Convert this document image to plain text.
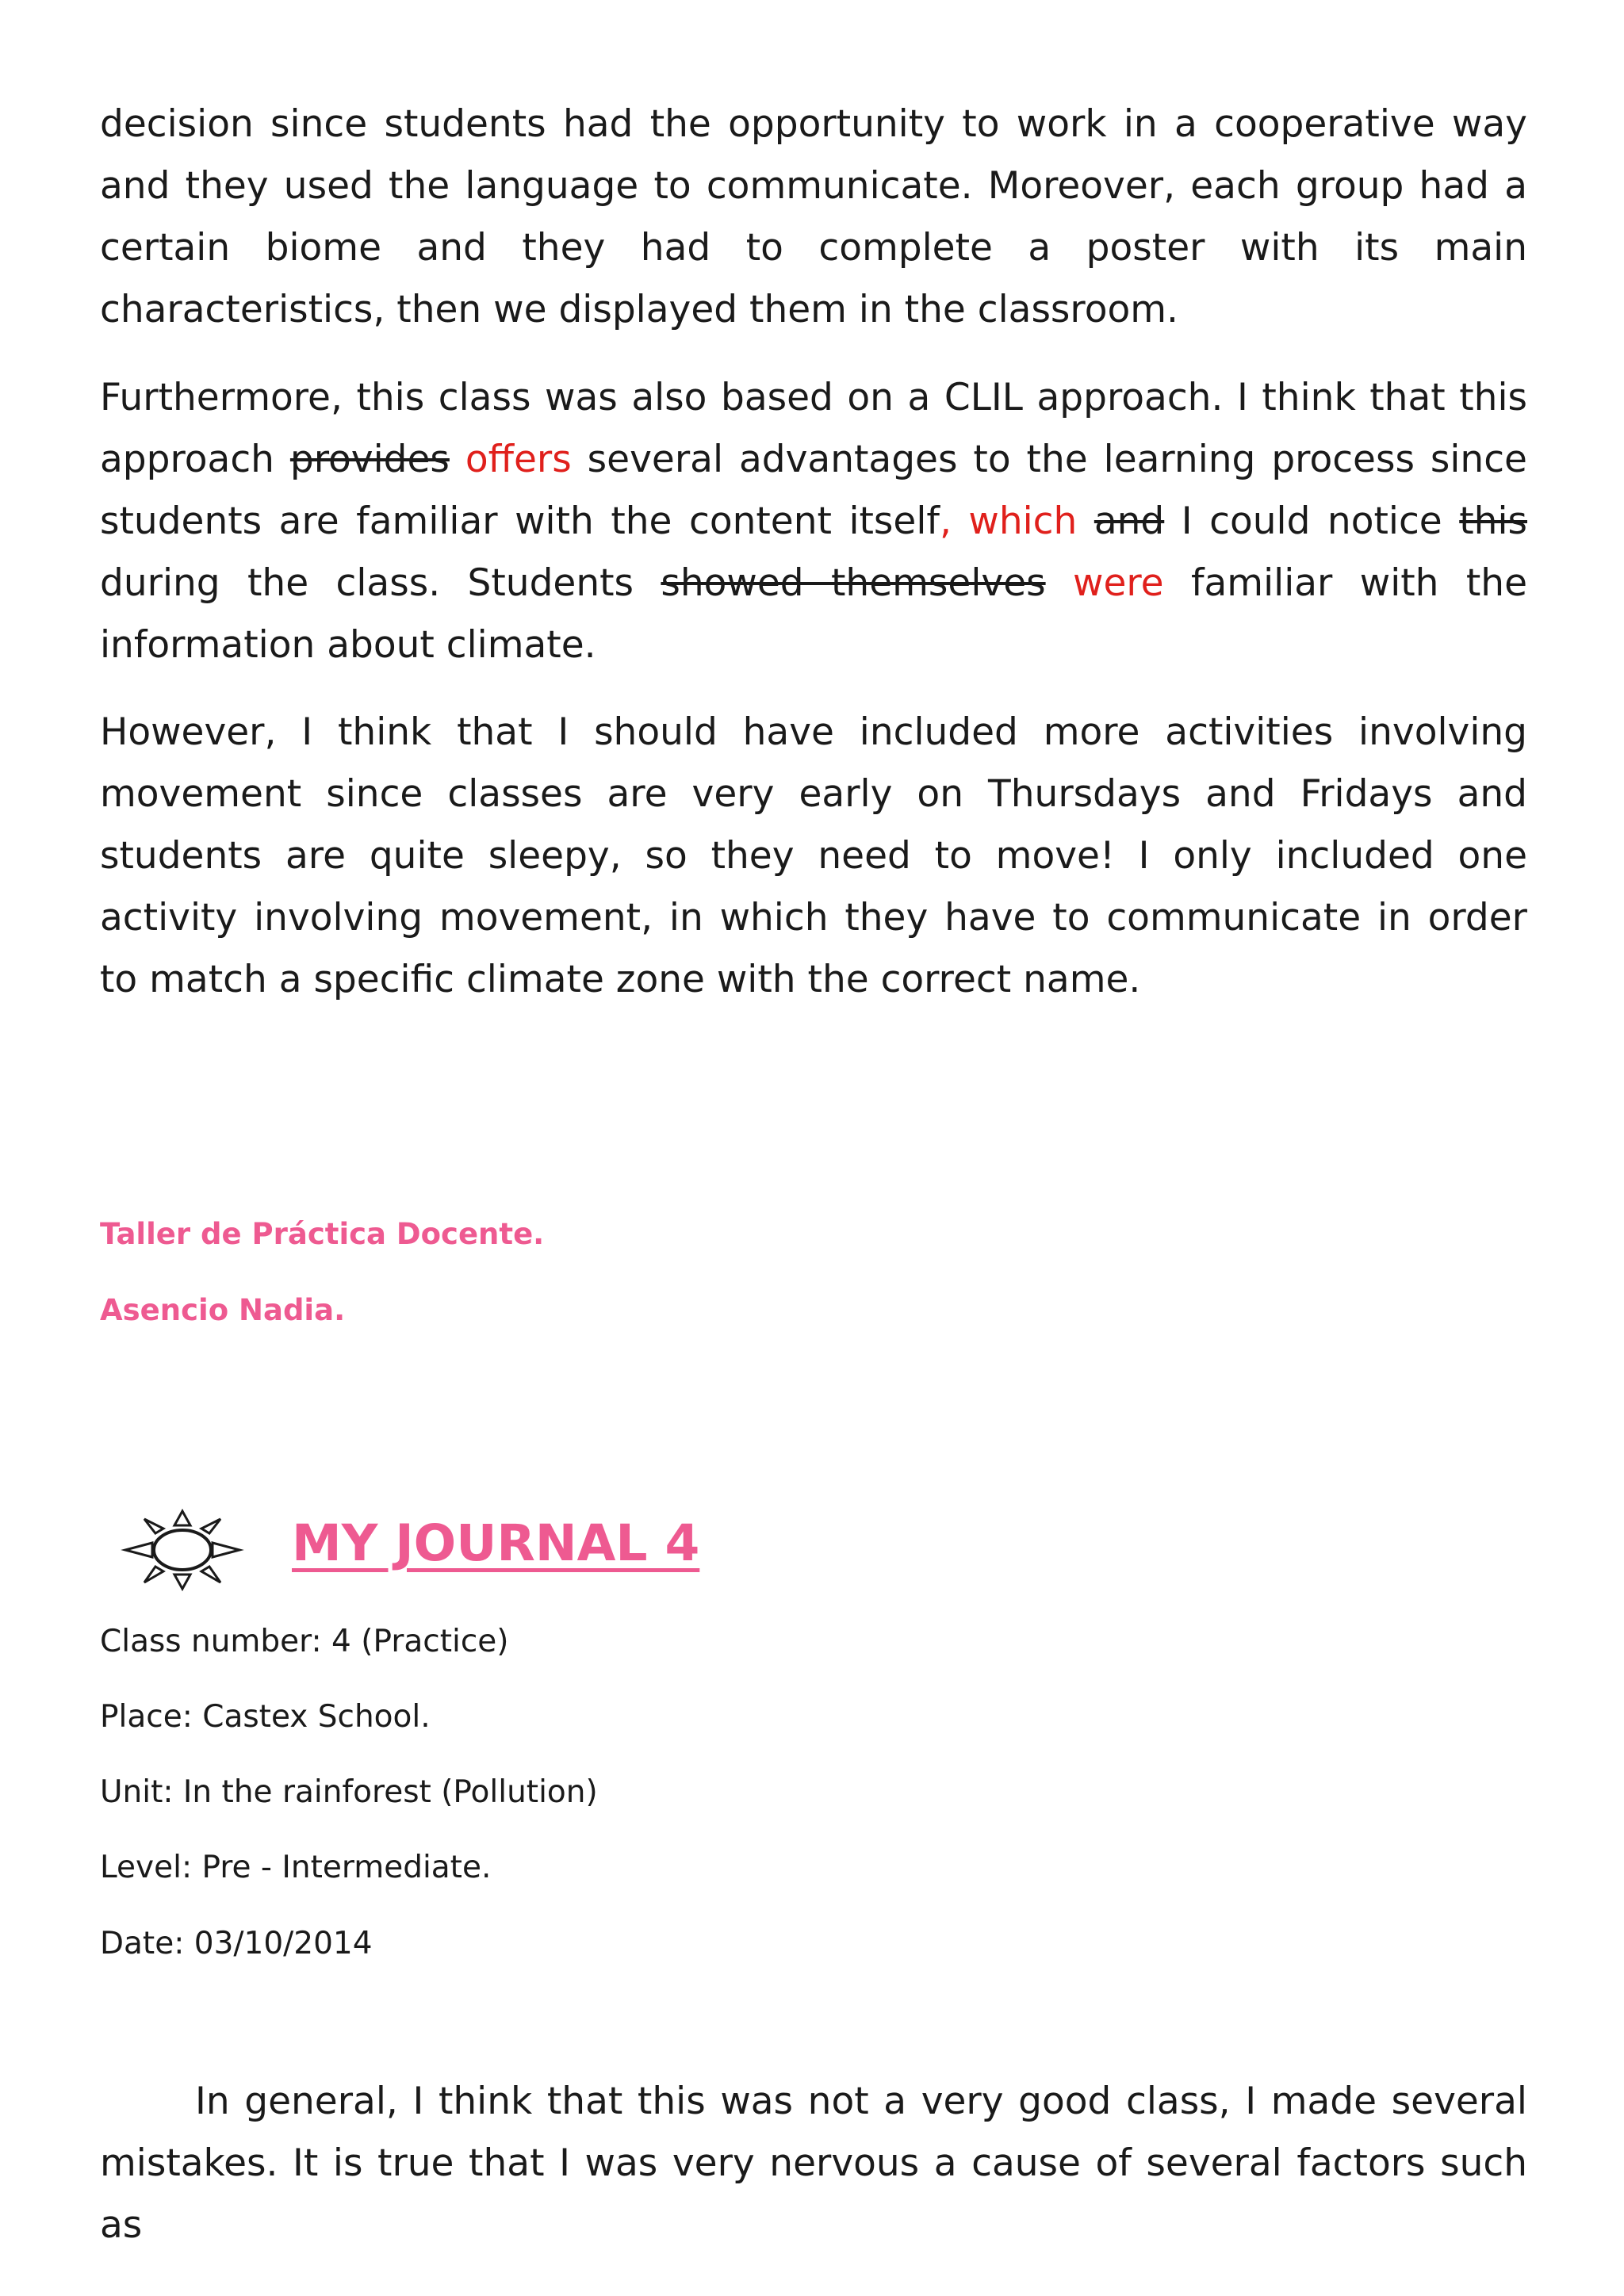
decision since students had the opportunity to work in a cooperative way and they used the language to communicate. Moreover, each group had a certain biome and they had to complete a poster with its main characteristics, then we displayed them in the classroom.

Furthermore, this class was also based on a CLIL approach. I think that this approach provides offers several advantages to the learning process since students are familiar with the content itself, which and I could notice this during the class. Students showed themselves were familiar with the information about climate.

However, I think that I should have included more activities involving movement since classes are very early on Thursdays and Fridays and students are quite sleepy, so they need to move! I only included one activity involving movement, in which they have to communicate in order to match a specific climate zone with the correct name.

Taller de Práctica Docente.

Asencio Nadia.

MY JOURNAL 4

Class number: 4 (Practice)

Place: Castex School.

Unit: In the rainforest (Pollution)

Level: Pre - Intermediate.

Date: 03/10/2014

In general, I think that this was not a very good class, I made several mistakes. It is true that I was very nervous a cause of several factors such as
